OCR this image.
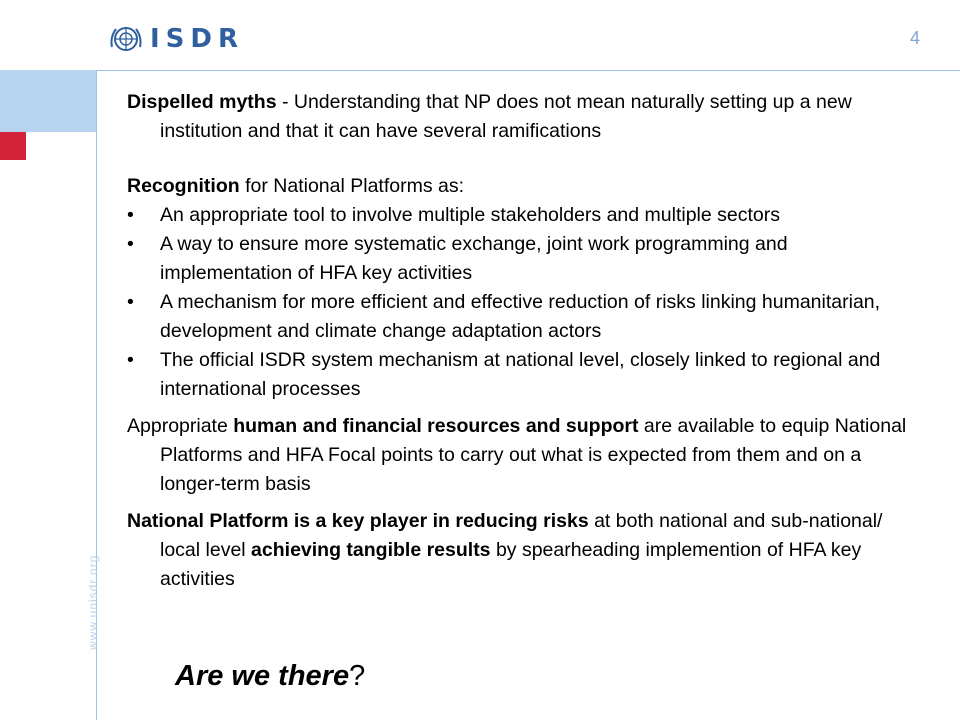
ISDR	4
www.unisdr.org

Dispelled myths - Understanding that NP does not mean naturally setting up a new institution and that it can have several ramifications

Recognition for National Platforms as:

• An appropriate tool to involve multiple stakeholders and multiple sectors
• A way to ensure more systematic exchange, joint work programming and implementation of HFA key activities
• A mechanism for more efficient and effective reduction of risks linking humanitarian, development and climate change adaptation actors
• The official ISDR system mechanism at national level, closely linked to regional and international processes

Appropriate human and financial resources and support are available to equip National Platforms and HFA Focal points to carry out what is expected from them and on a longer-term basis

National Platform is a key player in reducing risks at both national and sub-national/ local level achieving tangible results by spearheading implemention of HFA key activities

Are we there?
